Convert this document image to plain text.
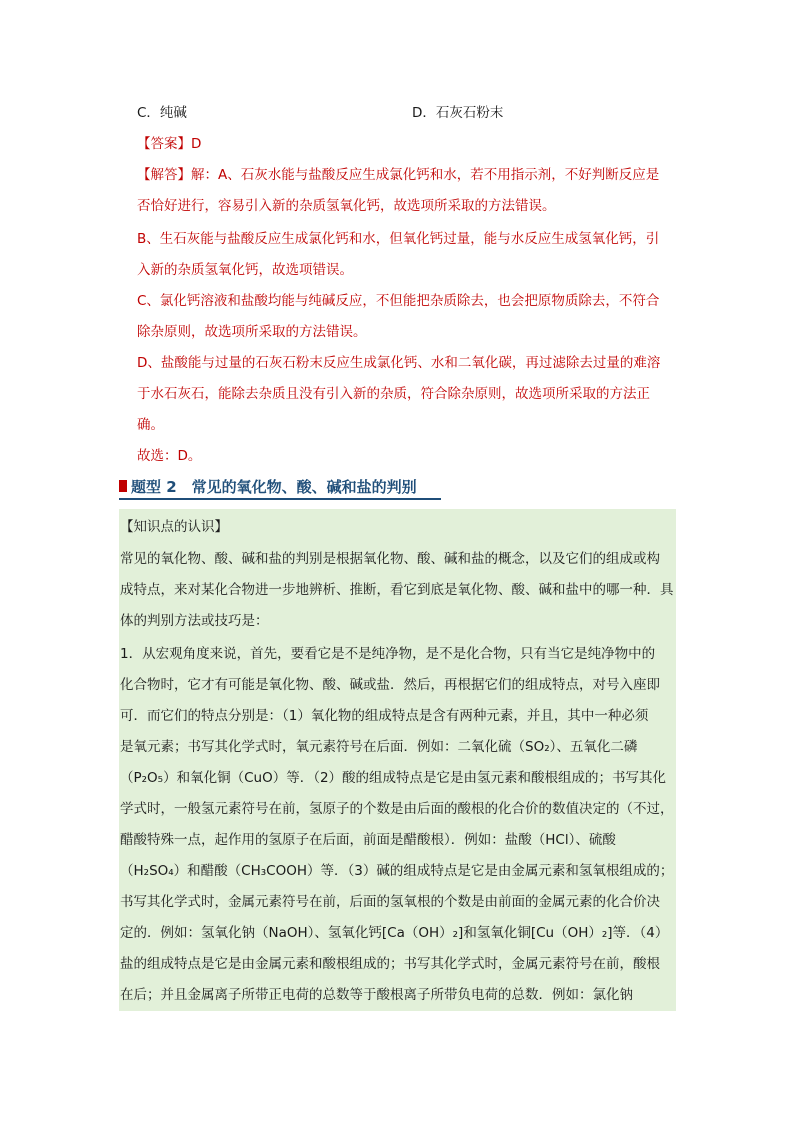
C．纯碱	D．石灰石粉末
【答案】D
【解答】解：A、石灰水能与盐酸反应生成氯化钙和水，若不用指示剂，不好判断反应是
否恰好进行，容易引入新的杂质氢氧化钙，故选项所采取的方法错误。
B、生石灰能与盐酸反应生成氯化钙和水，但氧化钙过量，能与水反应生成氢氧化钙，引
入新的杂质氢氧化钙，故选项错误。
C、氯化钙溶液和盐酸均能与纯碱反应，不但能把杂质除去，也会把原物质除去，不符合
除杂原则，故选项所采取的方法错误。
D、盐酸能与过量的石灰石粉末反应生成氯化钙、水和二氧化碳，再过滤除去过量的难溶
于水石灰石，能除去杂质且没有引入新的杂质，符合除杂原则，故选项所采取的方法正
确。
故选：D。
题型 2　常见的氧化物、酸、碱和盐的判别
【知识点的认识】
常见的氧化物、酸、碱和盐的判别是根据氧化物、酸、碱和盐的概念，以及它们的组成或构
成特点，来对某化合物进一步地辨析、推断，看它到底是氧化物、酸、碱和盐中的哪一种．具
体的判别方法或技巧是：
1．从宏观角度来说，首先，要看它是不是纯净物，是不是化合物，只有当它是纯净物中的
化合物时，它才有可能是氧化物、酸、碱或盐．然后，再根据它们的组成特点，对号入座即
可．而它们的特点分别是：（1）氧化物的组成特点是含有两种元素，并且，其中一种必须
是氧元素；书写其化学式时，氧元素符号在后面．例如：二氧化硫（SO₂）、五氧化二磷
（P₂O₅）和氧化铜（CuO）等．（2）酸的组成特点是它是由氢元素和酸根组成的；书写其化
学式时，一般氢元素符号在前，氢原子的个数是由后面的酸根的化合价的数值决定的（不过，
醋酸特殊一点，起作用的氢原子在后面，前面是醋酸根）．例如：盐酸（HCl）、硫酸
（H₂SO₄）和醋酸（CH₃COOH）等．（3）碱的组成特点是它是由金属元素和氢氧根组成的；
书写其化学式时，金属元素符号在前，后面的氢氧根的个数是由前面的金属元素的化合价决
定的．例如：氢氧化钠（NaOH）、氢氧化钙[Ca（OH）₂]和氢氧化铜[Cu（OH）₂]等．（4）
盐的组成特点是它是由金属元素和酸根组成的；书写其化学式时，金属元素符号在前，酸根
在后；并且金属离子所带正电荷的总数等于酸根离子所带负电荷的总数．例如：氯化钠
